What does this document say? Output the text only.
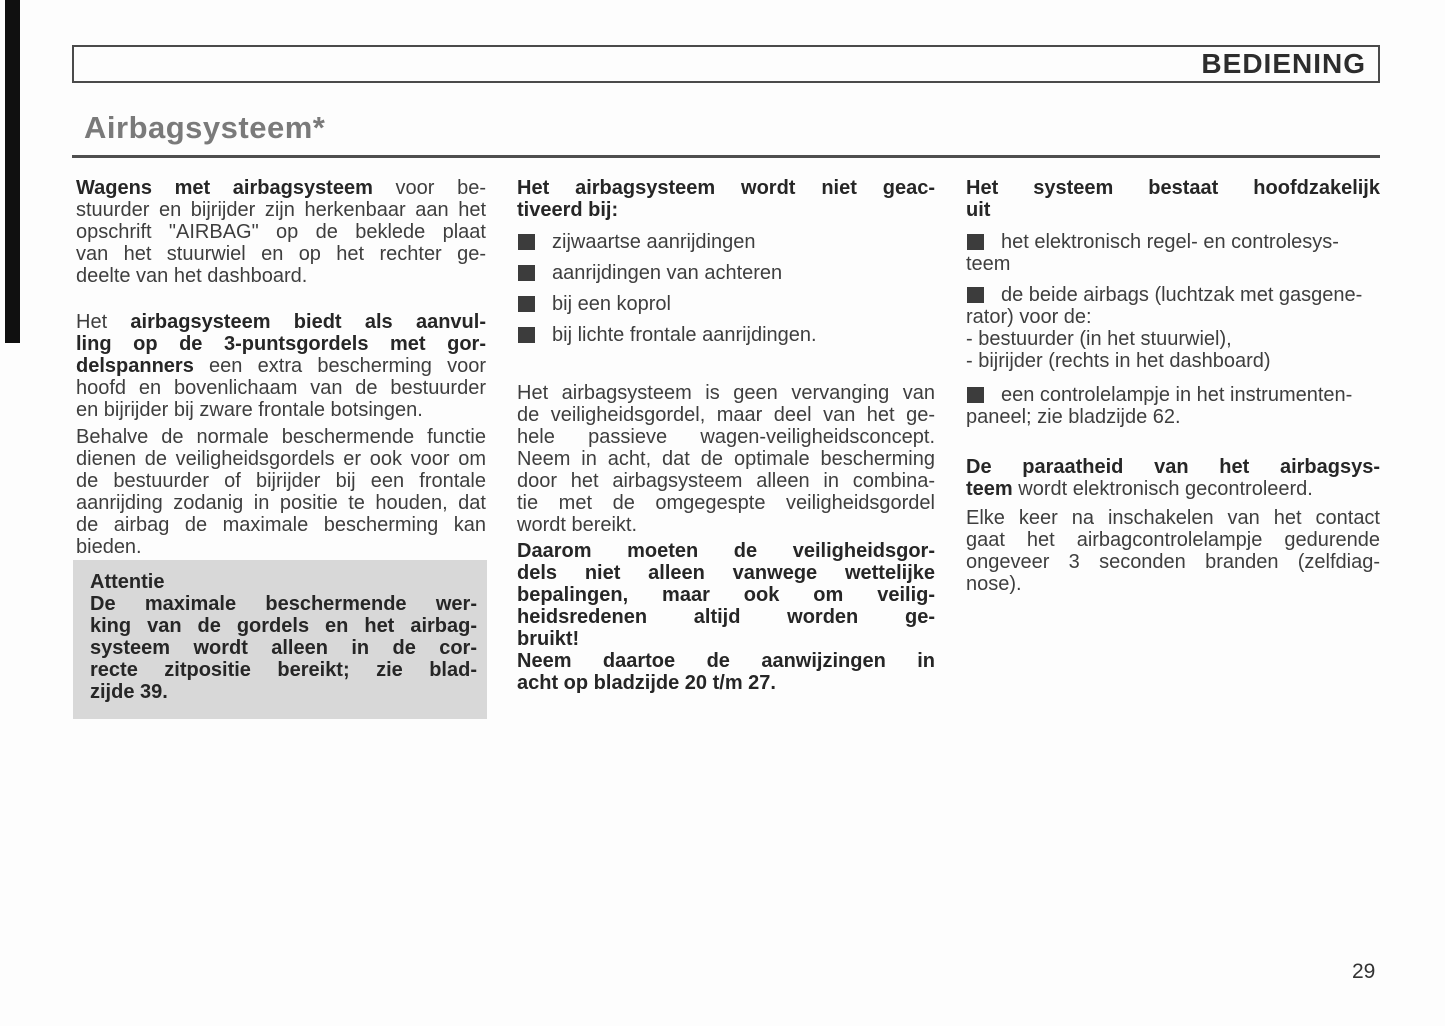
BEDIENING
Airbagsysteem*
Wagens met airbagsysteem voor be-
stuurder en bijrijder zijn herkenbaar aan het
opschrift "AIRBAG" op de beklede plaat
van het stuurwiel en op het rechter ge-
deelte van het dashboard.
Het airbagsysteem biedt als aanvul-
ling op de 3-puntsgordels met gor-
delspanners een extra bescherming voor
hoofd en bovenlichaam van de bestuurder
en bijrijder bij zware frontale botsingen.
Behalve de normale beschermende functie
dienen de veiligheidsgordels er ook voor om
de bestuurder of bijrijder bij een frontale
aanrijding zodanig in positie te houden, dat
de airbag de maximale bescherming kan
bieden.
Attentie
De maximale beschermende wer-
king van de gordels en het airbag-
systeem wordt alleen in de cor-
recte zitpositie bereikt; zie blad-
zijde 39.
Het airbagsysteem wordt niet geac-
tiveerd bij:
zijwaartse aanrijdingen
aanrijdingen van achteren
bij een koprol
bij lichte frontale aanrijdingen.
Het airbagsysteem is geen vervanging van
de veiligheidsgordel, maar deel van het ge-
hele passieve wagen-veiligheidsconcept.
Neem in acht, dat de optimale bescherming
door het airbagsysteem alleen in combina-
tie met de omgegespte veiligheidsgordel
wordt bereikt.
Daarom moeten de veiligheidsgor-
dels niet alleen vanwege wettelijke
bepalingen, maar ook om veilig-
heidsredenen altijd worden ge-
bruikt!
Neem daartoe de aanwijzingen in
acht op bladzijde 20 t/m 27.
Het systeem bestaat hoofdzakelijk
uit
het elektronisch regel- en controlesys-
teem
de beide airbags (luchtzak met gasgene-
rator) voor de:
- bestuurder (in het stuurwiel),
- bijrijder (rechts in het dashboard)
een controlelampje in het instrumenten-
paneel; zie bladzijde 62.
De paraatheid van het airbagsys-
teem wordt elektronisch gecontroleerd.
Elke keer na inschakelen van het contact
gaat het airbagcontrolelampje gedurende
ongeveer 3 seconden branden (zelfdiag-
nose).
29
